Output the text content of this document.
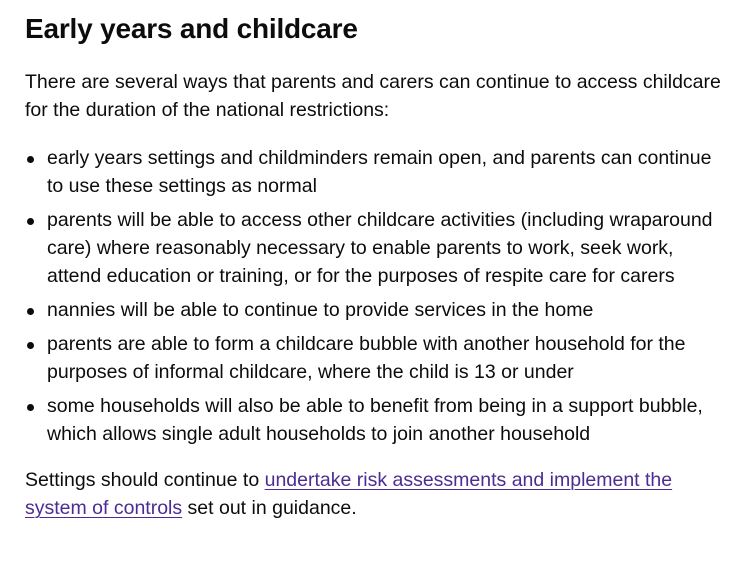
Early years and childcare

There are several ways that parents and carers can continue to access childcare for the duration of the national restrictions:

early years settings and childminders remain open, and parents can continue to use these settings as normal
parents will be able to access other childcare activities (including wraparound care) where reasonably necessary to enable parents to work, seek work, attend education or training, or for the purposes of respite care for carers
nannies will be able to continue to provide services in the home
parents are able to form a childcare bubble with another household for the purposes of informal childcare, where the child is 13 or under
some households will also be able to benefit from being in a support bubble, which allows single adult households to join another household

Settings should continue to undertake risk assessments and implement the system of controls set out in guidance.
